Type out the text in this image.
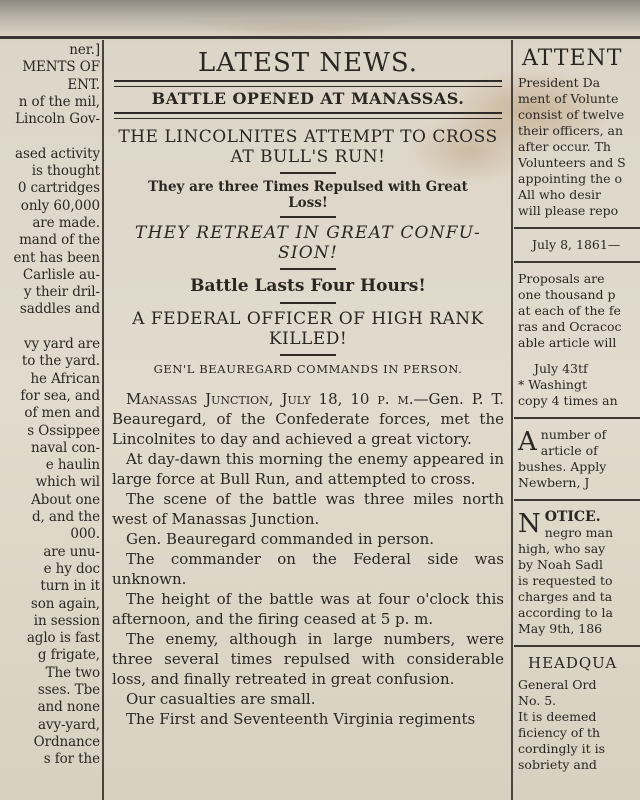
ner.]
MENTS OF
ENT.
n of the mil,
Lincoln Gov-

ased activity
is thought
0 cartridges
only 60,000
are made.
mand of the
ent has been
Carlisle au-
y their dril-
saddles and

vy yard are
to the yard.
he African
for sea, and
of men and
s Ossippee
naval con-
e haulin
which wil
About one
d, and the
000.
are unu-
e hy doc
turn in it
son again,
in session
aglo is fast
g frigate,
The two
sses. Tbe
and none
avy-yard,
Ordnance
s for the
LATEST NEWS.
BATTLE OPENED AT MANASSAS.
THE LINCOLNITES ATTEMPT TO CROSS
AT BULL'S RUN!
They are three Times Repulsed with Great
Loss!
THEY RETREAT IN GREAT CONFU-
SION!
Battle Lasts Four Hours!
A FEDERAL OFFICER OF HIGH RANK
KILLED!
GEN'L BEAUREGARD COMMANDS IN PERSON.

Manassas Junction, July 18, 10 p. m.—Gen. P. T. Beauregard, of the Confederate forces, met the Lincolnites to day and achieved a great victory.

At day-dawn this morning the enemy appeared in large force at Bull Run, and attempted to cross.

The scene of the battle was three miles north west of Manassas Junction.

Gen. Beauregard commanded in person.

The commander on the Federal side was unknown.

The height of the battle was at four o'clock this afternoon, and the firing ceased at 5 p. m.

The enemy, although in large numbers, were three several times repulsed with considerable loss, and finally retreated in great confusion.

Our casualties are small.

The First and Seventeenth Virginia regiments

ATTENT
President Da
ment of Volunte
consist of twelve
their officers, an
after occur. Th
Volunteers and S
appointing the o
All who desir
will please repo
July 8, 1861—
Proposals are
one thousand p
at each of the fe
ras and Ocracoc
able article will
July 43tf
* Washingt
copy 4 times an
A number of
article of
bushes. Apply
Newbern, J
N OTICE.
negro man
high, who say
by Noah Sadl
is requested to
charges and ta
according to la
May 9th, 186
HEADQUA
General Ord
No. 5.
It is deemed
ficiency of th
cordingly it is
sobriety and
